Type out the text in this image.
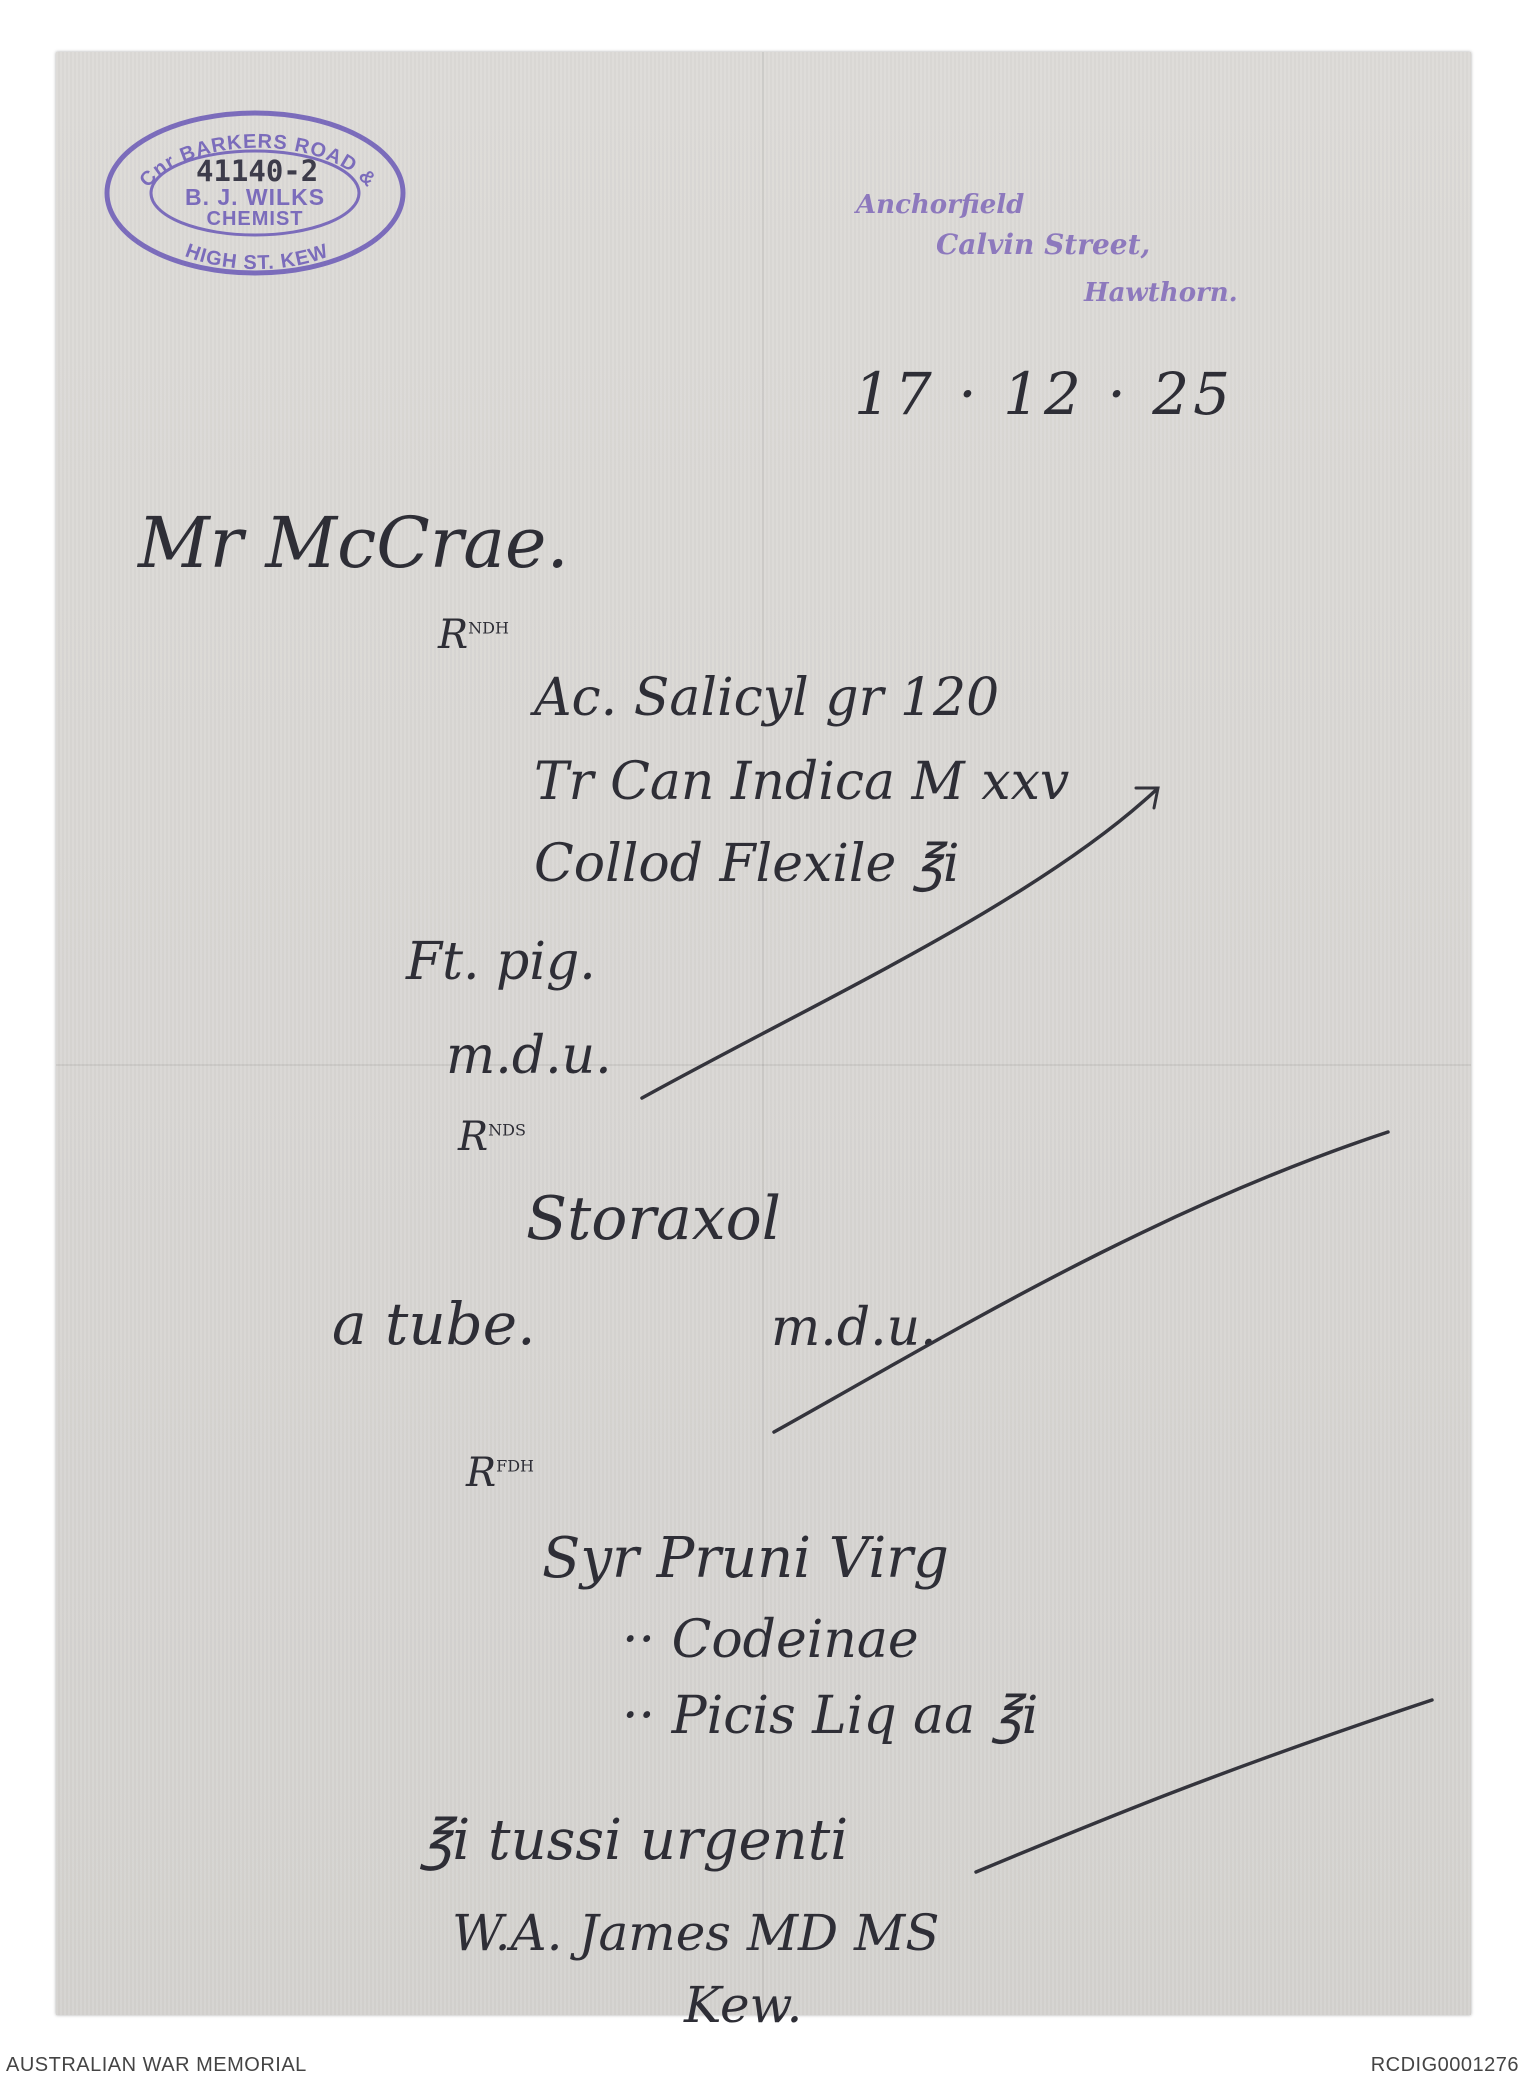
Cnr BARKERS ROAD &
HIGH ST. KEW
B. J. WILKS
CHEMIST
41140-2
Anchorfield
Calvin Street,
Hawthorn.
17 · 12 · 25
Mr McCrae.
$R^{NDH}$
Ac. Salicyl gr 120
Tr Can Indica M xxv
Collod Flexile ℥i
Ft. pig.
m.d.u.
$R^{NDS}$
Storaxol
a tube.	m.d.u.
$R^{FDH}$
Syr Pruni Virg
·· Codeinae
·· Picis Liq aa ℥i
℥i tussi urgenti
W.A. James MD MS
Kew.
AUSTRALIAN WAR MEMORIAL	RCDIG0001276
